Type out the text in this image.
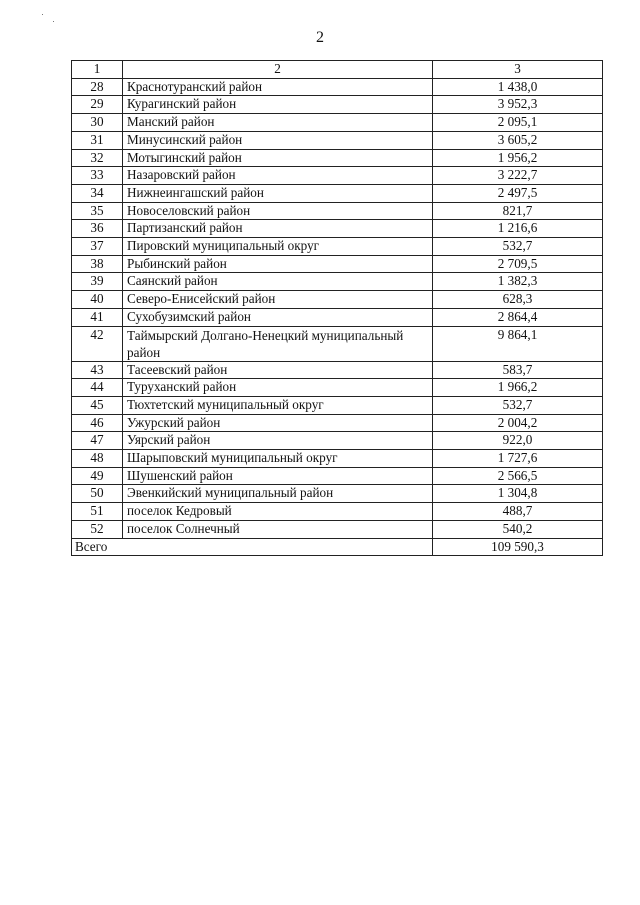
2
1	2	3
28	Краснотуранский район	1 438,0
29	Курагинский район	3 952,3
30	Манский район	2 095,1
31	Минусинский район	3 605,2
32	Мотыгинский район	1 956,2
33	Назаровский район	3 222,7
34	Нижнеингашский район	2 497,5
35	Новоселовский район	821,7
36	Партизанский район	1 216,6
37	Пировский муниципальный округ	532,7
38	Рыбинский район	2 709,5
39	Саянский район	1 382,3
40	Северо-Енисейский район	628,3
41	Сухобузимский район	2 864,4
42	Таймырский Долгано-Ненецкий муниципальный район	9 864,1
43	Тасеевский район	583,7
44	Туруханский район	1 966,2
45	Тюхтетский муниципальный округ	532,7
46	Ужурский район	2 004,2
47	Уярский район	922,0
48	Шарыповский муниципальный округ	1 727,6
49	Шушенский район	2 566,5
50	Эвенкийский муниципальный район	1 304,8
51	поселок Кедровый	488,7
52	поселок Солнечный	540,2
Всего		109 590,3
